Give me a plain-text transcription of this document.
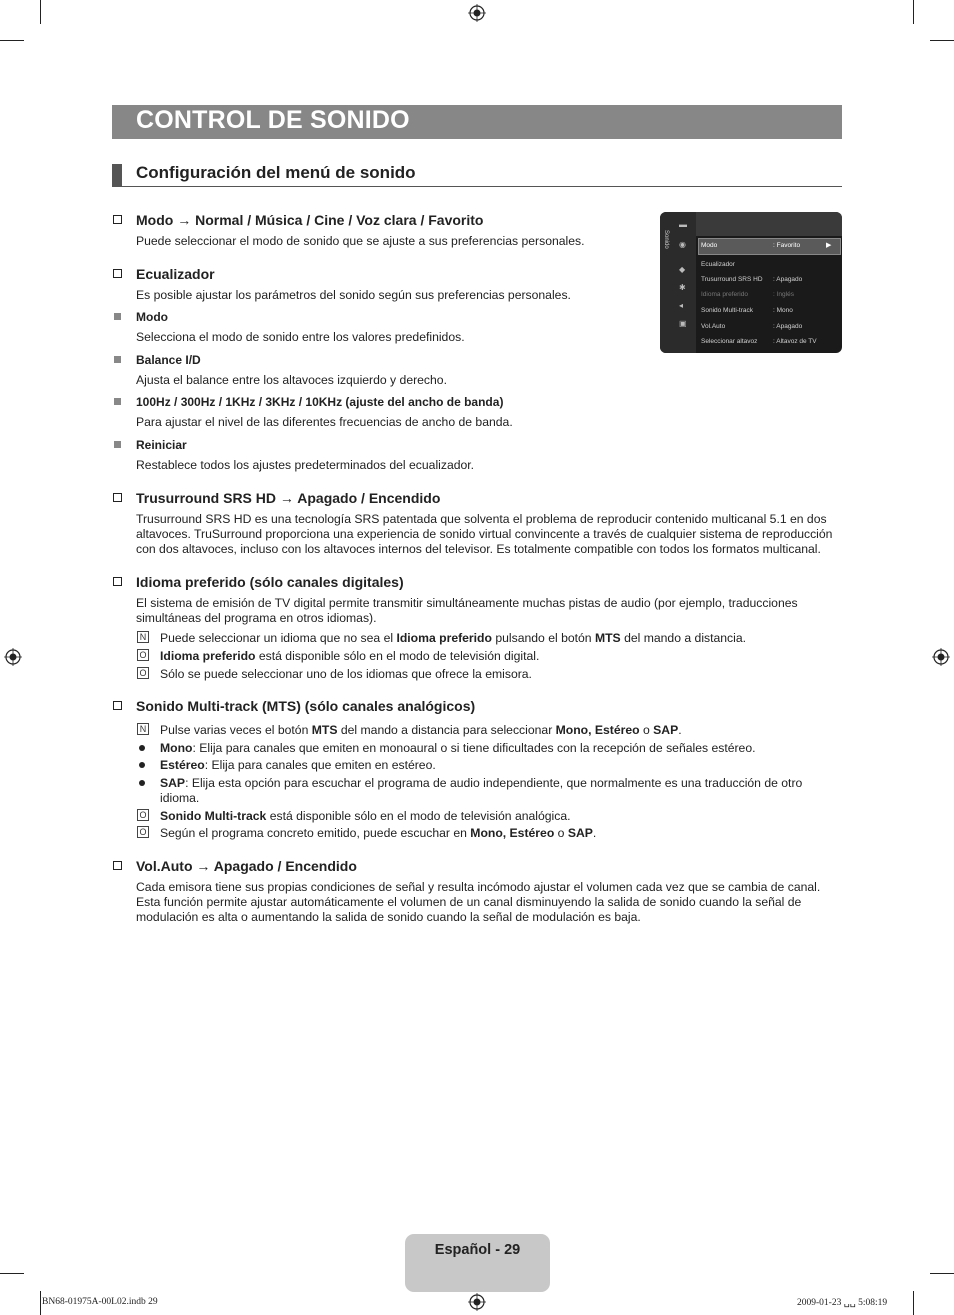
CONTROL DE SONIDO
Configuración del menú de sonido
Modo → Normal / Música / Cine / Voz clara / Favorito
Puede seleccionar el modo de sonido que se ajuste a sus preferencias personales.	Sonido
▬
◉
◆
✱
◂
▣
Modo	: Favorito	▶
Ecualizador
Trusurround SRS HD : Apagado
Idioma preferido	: Inglés
Sonido Multi-track	: Mono
Vol.Auto	: Apagado
Seleccionar altavoz : Altavoz de TV
Ecualizador
Es posible ajustar los parámetros del sonido según sus preferencias personales.
Modo
Selecciona el modo de sonido entre los valores predefinidos.
Balance I/D
Ajusta el balance entre los altavoces izquierdo y derecho.
100Hz / 300Hz / 1KHz / 3KHz / 10KHz (ajuste del ancho de banda)
Para ajustar el nivel de las diferentes frecuencias de ancho de banda.
Reiniciar
Restablece todos los ajustes predeterminados del ecualizador.
Trusurround SRS HD → Apagado / Encendido
Trusurround SRS HD es una tecnología SRS patentada que solventa el problema de reproducir contenido multicanal 5.1 en dos altavoces. TruSurround proporciona una experiencia de sonido virtual convincente a través de cualquier sistema de reproducción con dos altavoces, incluso con los altavoces internos del televisor. Es totalmente compatible con todos los formatos multicanal.
Idioma preferido (sólo canales digitales)
El sistema de emisión de TV digital permite transmitir simultáneamente muchas pistas de audio (por ejemplo, traducciones simultáneas del programa en otros idiomas).
N Puede seleccionar un idioma que no sea el Idioma preferido pulsando el botón MTS del mando a distancia.
O Idioma preferido está disponible sólo en el modo de televisión digital.
O Sólo se puede seleccionar uno de los idiomas que ofrece la emisora.
Sonido Multi-track (MTS) (sólo canales analógicos)
N Pulse varias veces el botón MTS del mando a distancia para seleccionar Mono, Estéreo o SAP.
Mono: Elija para canales que emiten en monoaural o si tiene dificultades con la recepción de señales estéreo.
Estéreo: Elija para canales que emiten en estéreo.
SAP: Elija esta opción para escuchar el programa de audio independiente, que normalmente es una traducción de otro idioma.
O Sonido Multi-track está disponible sólo en el modo de televisión analógica.
O Según el programa concreto emitido, puede escuchar en Mono, Estéreo o SAP.
Vol.Auto → Apagado / Encendido
Cada emisora tiene sus propias condiciones de señal y resulta incómodo ajustar el volumen cada vez que se cambia de canal. Esta función permite ajustar automáticamente el volumen de un canal disminuyendo la salida de sonido cuando la señal de modulación es alta o aumentando la salida de sonido cuando la señal de modulación es baja.
Español - 29
BN68-01975A-00L02.indb 29	2009-01-23 ␣␣ 5:08:19
